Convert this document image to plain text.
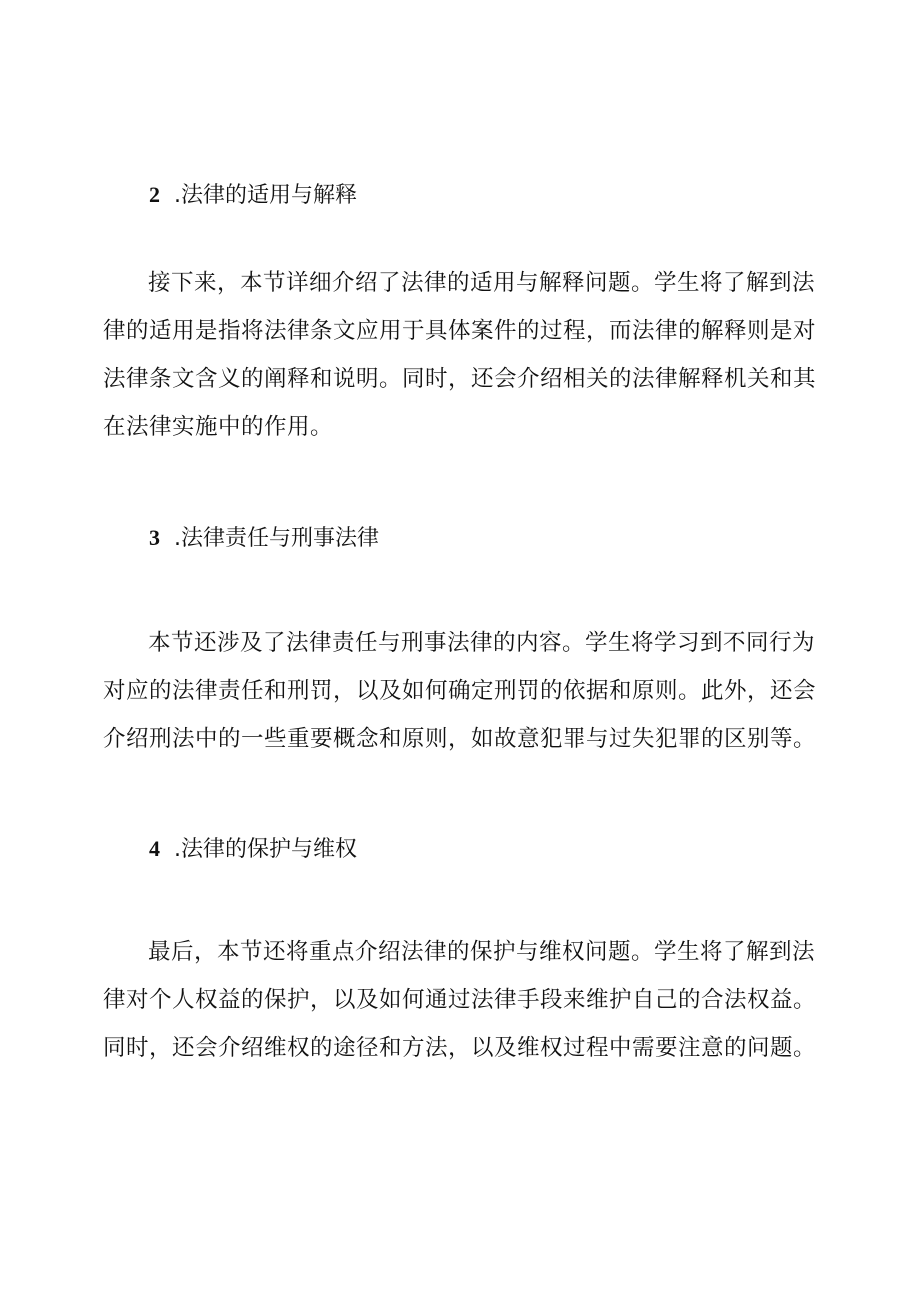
2 .法律的适用与解释

接下来，本节详细介绍了法律的适用与解释问题。学生将了解到法律的适用是指将法律条文应用于具体案件的过程，而法律的解释则是对法律条文含义的阐释和说明。同时，还会介绍相关的法律解释机关和其在法律实施中的作用。

3 .法律责任与刑事法律

本节还涉及了法律责任与刑事法律的内容。学生将学习到不同行为对应的法律责任和刑罚，以及如何确定刑罚的依据和原则。此外，还会介绍刑法中的一些重要概念和原则，如故意犯罪与过失犯罪的区别等。

4 .法律的保护与维权

最后，本节还将重点介绍法律的保护与维权问题。学生将了解到法律对个人权益的保护，以及如何通过法律手段来维护自己的合法权益。同时，还会介绍维权的途径和方法，以及维权过程中需要注意的问题。
